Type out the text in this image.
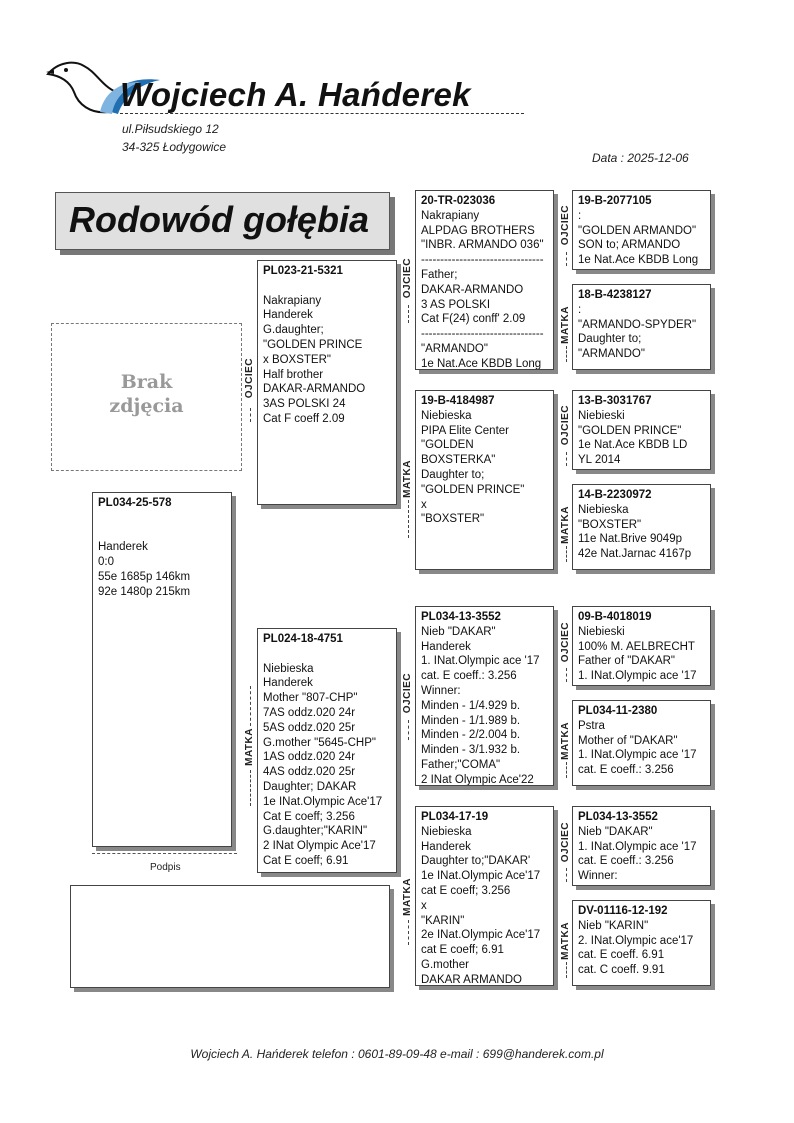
Wojciech A. Hańderek
ul.Piłsudskiego 12
34-325 Łodygowice
Data : 2025-12-06
Rodowód gołębia
Brak
zdjęcia
PL034-25-578

Handerek
0:0
55e 1685p 146km
92e 1480p 215km
PL023-21-5321

Nakrapiany
Handerek
G.daughter;
"GOLDEN PRINCE
x BOXSTER"
Half brother
DAKAR-ARMANDO
3AS POLSKI 24
Cat F coeff 2.09
OJCIEC
PL024-18-4751

Niebieska
Handerek
Mother "807-CHP"
7AS oddz.020 24r
5AS oddz.020 25r
G.mother "5645-CHP"
1AS oddz.020 24r
4AS oddz.020 25r
Daughter; DAKAR
1e INat.Olympic Ace'17
Cat E coeff; 3.256
G.daughter;"KARIN"
2 INat Olympic Ace'17
Cat E coeff; 6.91
MATKA
20-TR-023036
Nakrapiany
ALPDAG BROTHERS
"INBR. ARMANDO 036"
--------------------------------
Father;
DAKAR-ARMANDO
3 AS POLSKI
Cat F(24) conff' 2.09
--------------------------------
"ARMANDO"
1e Nat.Ace KBDB Long
OJCIEC
19-B-4184987
Niebieska
PIPA Elite Center
"GOLDEN
BOXSTERKA"
Daughter to;
"GOLDEN PRINCE"
x
"BOXSTER"
MATKA
PL034-13-3552
Nieb "DAKAR"
Handerek
1. INat.Olympic ace '17
cat. E coeff.: 3.256
Winner:
Minden - 1/4.929 b.
Minden - 1/1.989 b.
Minden - 2/2.004 b.
Minden - 3/1.932 b.
Father;"COMA"
2 INat Olympic Ace'22
OJCIEC
PL034-17-19
Niebieska
Handerek
Daughter to;"DAKAR'
1e INat.Olympic Ace'17
cat E coeff; 3.256
x
"KARIN"
2e INat.Olympic Ace'17
cat E coeff; 6.91
G.mother
DAKAR ARMANDO
MATKA
19-B-2077105
:
"GOLDEN ARMANDO"
SON to; ARMANDO
1e Nat.Ace KBDB Long
OJCIEC
18-B-4238127
:
"ARMANDO-SPYDER"
Daughter to;
"ARMANDO"
MATKA
13-B-3031767
Niebieski
"GOLDEN PRINCE"
1e Nat.Ace KBDB LD
YL 2014
OJCIEC
14-B-2230972
Niebieska
"BOXSTER"
11e Nat.Brive 9049p
42e Nat.Jarnac 4167p
MATKA
09-B-4018019
Niebieski
100% M. AELBRECHT
Father of "DAKAR"
1. INat.Olympic ace '17
OJCIEC
PL034-11-2380
Pstra
Mother of "DAKAR"
1. INat.Olympic ace '17
cat. E coeff.: 3.256
MATKA
PL034-13-3552
Nieb "DAKAR"
1. INat.Olympic ace '17
cat. E coeff.: 3.256
Winner:
OJCIEC
DV-01116-12-192
Nieb "KARIN"
2. INat.Olympic ace'17
cat. E coeff. 6.91
cat. C coeff. 9.91
MATKA
Podpis
Wojciech A. Hańderek telefon : 0601-89-09-48 e-mail : 699@handerek.com.pl
